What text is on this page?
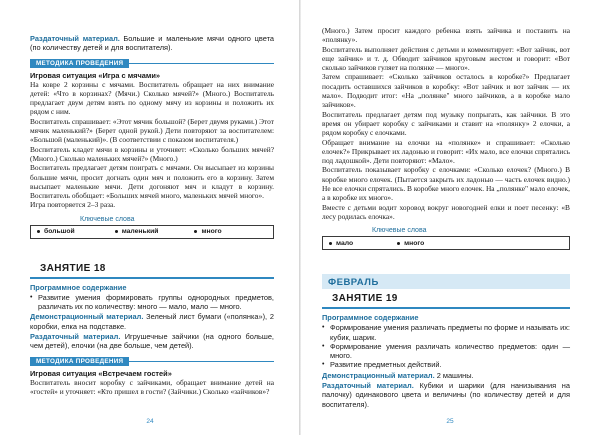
Раздаточный материал. Большие и маленькие мячи одного цвета (по количеству детей и для воспитателя).

МЕТОДИКА ПРОВЕДЕНИЯ

Игровая ситуация «Игра с мячами»

На ковре 2 корзины с мячами. Воспитатель обращает на них внимание детей: «Что в корзинах? (Мячи.) Сколько мячей?» (Много.) Воспитатель предлагает двум детям взять по одному мячу из корзины и положить их рядом с ним.

Воспитатель спрашивает: «Этот мячик большой? (Берет двумя руками.) Этот мячик маленький?» (Берет одной рукой.) Дети повторяют за воспитателем: «Большой (маленький)». (В соответствии с показом воспитателя.)

Воспитатель кладет мячи в корзины и уточняет: «Сколько больших мячей? (Много.) Сколько маленьких мячей?» (Много.)

Воспитатель предлагает детям поиграть с мячами. Он высыпает из корзины большие мячи, просит догнать один мяч и положить его в корзину. Затем высыпает маленькие мячи. Дети догоняют мяч и кладут в корзину. Воспитатель обобщает: «Больших мячей много, маленьких мячей много».

Игра повторяется 2–3 раза.

Ключевые слова
большой	маленький	много
ЗАНЯТИЕ 18

Программное содержание

• Развитие умения формировать группы однородных предметов, различать их по количеству: много — мало, мало — много.

Демонстрационный материал. Зеленый лист бумаги («полянка»), 2 коробки, елка на подставке.

Раздаточный материал. Игрушечные зайчики (на одного больше, чем детей), елочки (на две больше, чем детей).

МЕТОДИКА ПРОВЕДЕНИЯ

Игровая ситуация «Встречаем гостей»

Воспитатель вносит коробку с зайчиками, обращает внимание детей на «гостей» и уточняет: «Кто пришел в гости? (Зайчики.) Сколько «зайчиков»?

24

(Много.) Затем просит каждого ребенка взять зайчика и поставить на «полянку».

Воспитатель выполняет действия с детьми и комментирует: «Вот зайчик, вот еще зайчик» и т. д. Обводит зайчиков круговым жестом и говорит: «Вот сколько зайчиков гуляет на полянке — много».

Затем спрашивает: «Сколько зайчиков осталось в коробке?» Предлагает посадить оставшихся зайчиков в коробку: «Вот зайчик и вот зайчик — их мало». Подводит итог: «На „полянке" много зайчиков, а в коробке мало зайчиков».

Воспитатель предлагает детям под музыку попрыгать, как зайчики. В это время он убирает коробку с зайчиками и ставит на «полянку» 2 елочки, а рядом коробку с елочками.

Обращает внимание на елочки на «полянке» и спрашивает: «Сколько елочек?» Прикрывает их ладонью и говорит: «Их мало, все елочки спрятались под ладошкой». Дети повторяют: «Мало».

Воспитатель показывает коробку с елочками: «Сколько елочек? (Много.) В коробке много елочек. (Пытается закрыть их ладонью — часть елочек видно.) Не все елочки спрятались. В коробке много елочек. На „полянке" мало елочек, а в коробке их много».

Вместе с детьми водит хоровод вокруг новогодней елки и поет песенку: «В лесу родилась елочка».

Ключевые слова
мало	много
ФЕВРАЛЬ
ЗАНЯТИЕ 19

Программное содержание

• Формирование умения различать предметы по форме и называть их: кубик, шарик.
• Формирование умения различать количество предметов: один — много.
• Развитие предметных действий.

Демонстрационный материал. 2 машины.

Раздаточный материал. Кубики и шарики (для нанизывания на палочку) одинакового цвета и величины (по количеству детей и для воспитателя).

25
